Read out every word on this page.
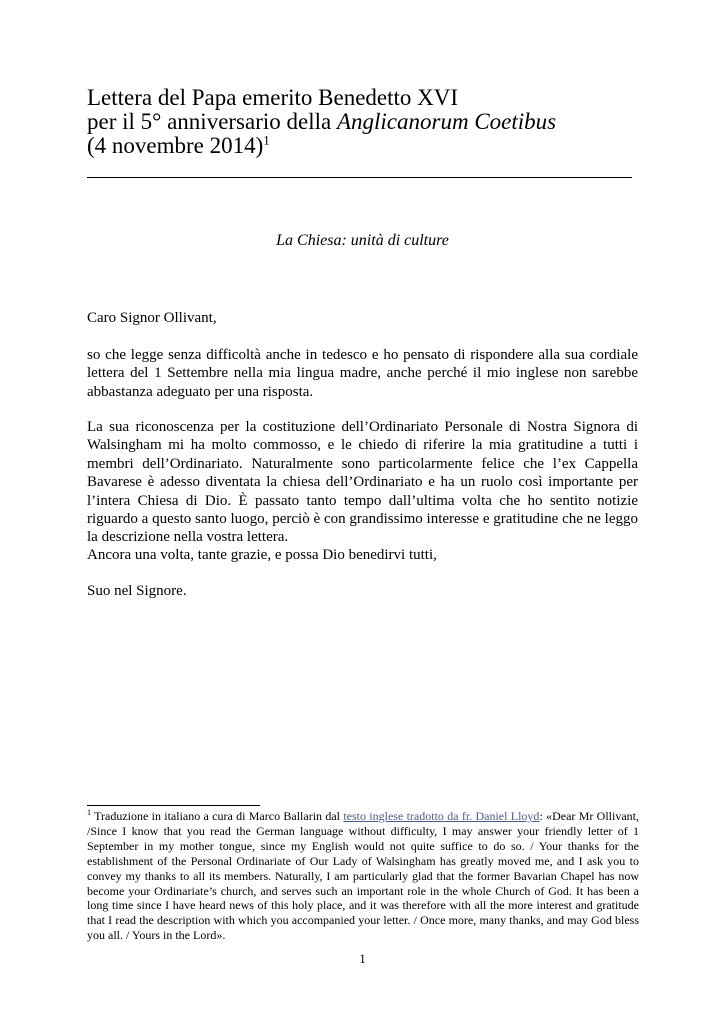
Lettera del Papa emerito Benedetto XVI
per il 5° anniversario della Anglicanorum Coetibus
(4 novembre 2014)$^1$
La Chiesa: unità di culture
Caro Signor Ollivant,
so che legge senza difficoltà anche in tedesco e ho pensato di rispondere alla sua cordiale lettera del 1 Settembre nella mia lingua madre, anche perché il mio inglese non sarebbe abbastanza adeguato per una risposta.
La sua riconoscenza per la costituzione dell’Ordinariato Personale di Nostra Signora di Walsingham mi ha molto commosso, e le chiedo di riferire la mia gratitudine a tutti i membri dell’Ordinariato. Naturalmente sono particolarmente felice che l’ex Cappella Bavarese è adesso diventata la chiesa dell’Ordinariato e ha un ruolo così importante per l’intera Chiesa di Dio. È passato tanto tempo dall’ultima volta che ho sentito notizie riguardo a questo santo luogo, perciò è con grandissimo interesse e gratitudine che ne leggo la descrizione nella vostra lettera.
Ancora una volta, tante grazie, e possa Dio benedirvi tutti,
Suo nel Signore.
$^1$ Traduzione in italiano a cura di Marco Ballarin dal testo inglese tradotto da fr. Daniel Lloyd: «Dear Mr Ollivant, /Since I know that you read the German language without difficulty, I may answer your friendly letter of 1 September in my mother tongue, since my English would not quite suffice to do so. / Your thanks for the establishment of the Personal Ordinariate of Our Lady of Walsingham has greatly moved me, and I ask you to convey my thanks to all its members. Naturally, I am particularly glad that the former Bavarian Chapel has now become your Ordinariate’s church, and serves such an important role in the whole Church of God. It has been a long time since I have heard news of this holy place, and it was therefore with all the more interest and gratitude that I read the description with which you accompanied your letter. / Once more, many thanks, and may God bless you all. / Yours in the Lord».
1
